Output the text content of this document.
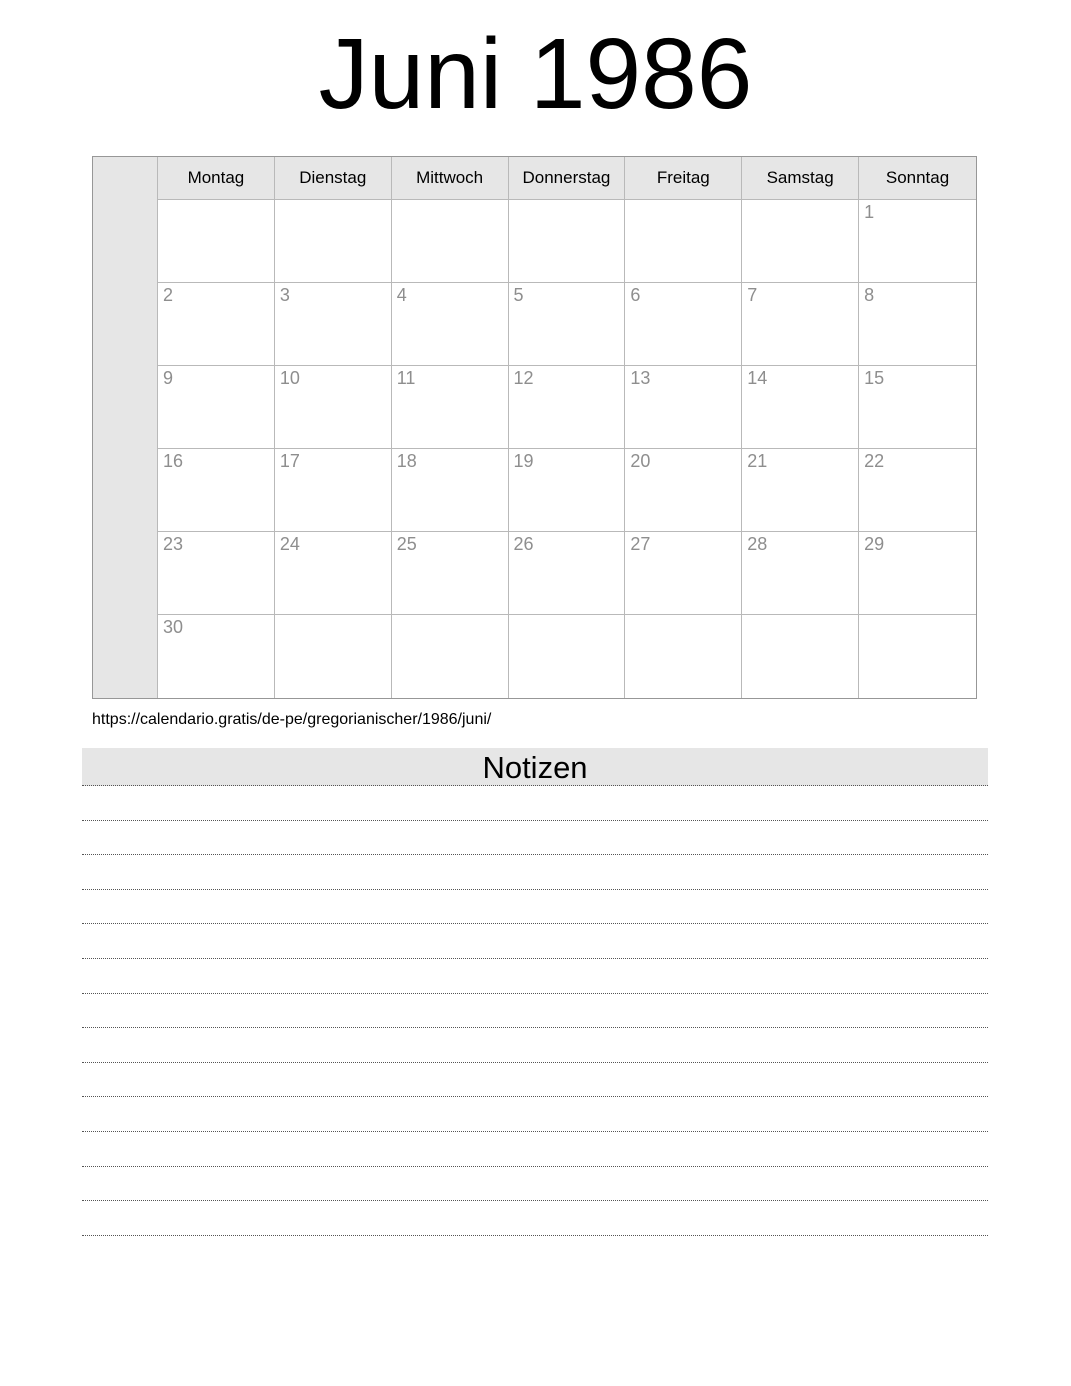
Juni 1986
	Montag	Dienstag	Mittwoch	Donnerstag	Freitag	Samstag	Sonntag
							1
	2	3	4	5	6	7	8
	9	10	11	12	13	14	15
	16	17	18	19	20	21	22
	23	24	25	26	27	28	29
	30						
https://calendario.gratis/de-pe/gregorianischer/1986/juni/
Notizen
